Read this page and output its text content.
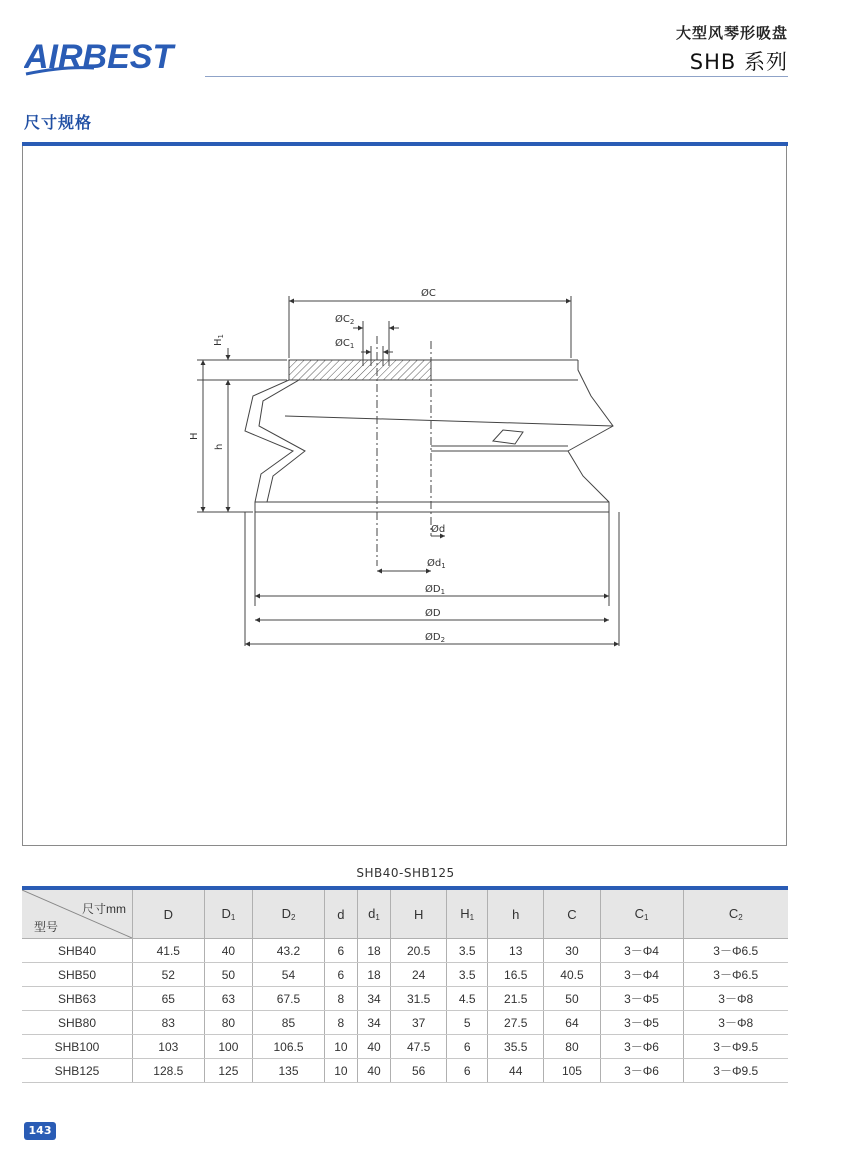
AIRBEST
大型风琴形吸盘
SHB 系列
尺寸规格
ØC
$ØC_2$
$ØC_1$
$H_1$
H
h
Ød
$Ød_1$
$ØD_1$
ØD
$ØD_2$
SHB40-SHB125
尺寸mm
型号	D	$D_1$	$D_2$	d	$d_1$	H	$H_1$	h	C	$C_1$	$C_2$
SHB40	41.5	40	43.2	6	18	20.5	3.5	13	30	3－Φ4	3－Φ6.5
SHB50	52	50	54	6	18	24	3.5	16.5	40.5	3－Φ4	3－Φ6.5
SHB63	65	63	67.5	8	34	31.5	4.5	21.5	50	3－Φ5	3－Φ8
SHB80	83	80	85	8	34	37	5	27.5	64	3－Φ5	3－Φ8
SHB100	103	100	106.5	10	40	47.5	6	35.5	80	3－Φ6	3－Φ9.5
SHB125	128.5	125	135	10	40	56	6	44	105	3－Φ6	3－Φ9.5
143
